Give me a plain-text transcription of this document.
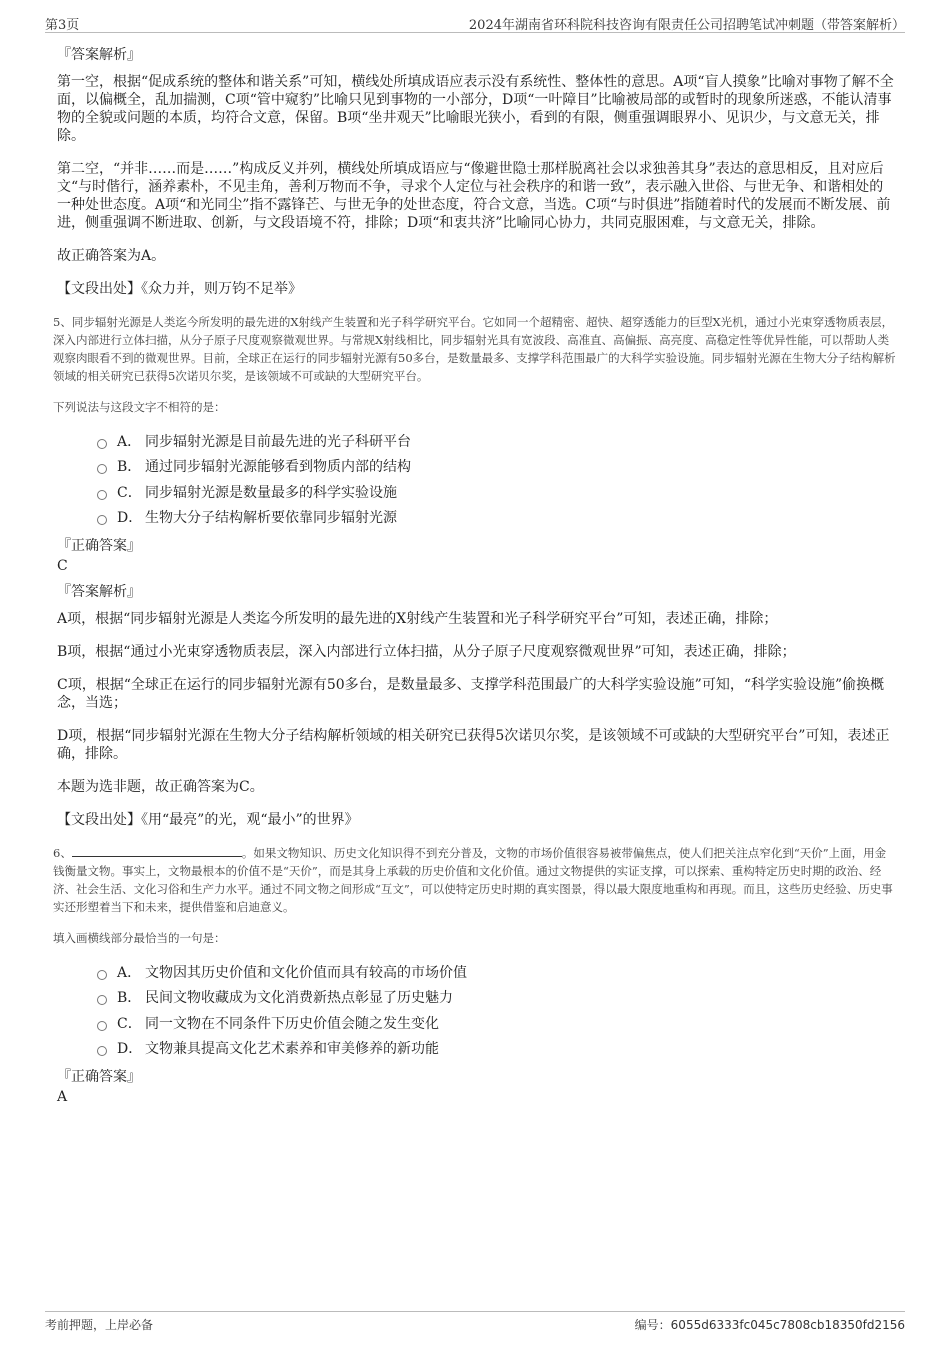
第3页	2024年湖南省环科院科技咨询有限责任公司招聘笔试冲刺题（带答案解析）
『答案解析』

第一空，根据“促成系统的整体和谐关系”可知，横线处所填成语应表示没有系统性、整体性的意思。A项“盲人摸象”比喻对事物了解不全面，以偏概全，乱加揣测，C项“管中窥豹”比喻只见到事物的一小部分，D项“一叶障目”比喻被局部的或暂时的现象所迷惑，不能认清事物的全貌或问题的本质，均符合文意，保留。B项“坐井观天”比喻眼光狭小，看到的有限，侧重强调眼界小、见识少，与文意无关，排除。

第二空，“并非……而是……”构成反义并列，横线处所填成语应与“像避世隐士那样脱离社会以求独善其身”表达的意思相反，且对应后文“与时偕行，涵养素朴，不见圭角，善利万物而不争，寻求个人定位与社会秩序的和谐一致”，表示融入世俗、与世无争、和谐相处的一种处世态度。A项“和光同尘”指不露锋芒、与世无争的处世态度，符合文意，当选。C项“与时俱进”指随着时代的发展而不断发展、前进，侧重强调不断进取、创新，与文段语境不符，排除；D项“和衷共济”比喻同心协力，共同克服困难，与文意无关，排除。

故正确答案为A。

【文段出处】《众力并，则万钧不足举》

5、同步辐射光源是人类迄今所发明的最先进的X射线产生装置和光子科学研究平台。它如同一个超精密、超快、超穿透能力的巨型X光机，通过小光束穿透物质表层，深入内部进行立体扫描，从分子原子尺度观察微观世界。与常规X射线相比，同步辐射光具有宽波段、高准直、高偏振、高亮度、高稳定性等优异性能，可以帮助人类观察肉眼看不到的微观世界。目前，全球正在运行的同步辐射光源有50多台，是数量最多、支撑学科范围最广的大科学实验设施。同步辐射光源在生物大分子结构解析领域的相关研究已获得5次诺贝尔奖，是该领域不可或缺的大型研究平台。

下列说法与这段文字不相符的是：

A． 同步辐射光源是目前最先进的光子科研平台
B． 通过同步辐射光源能够看到物质内部的结构
C． 同步辐射光源是数量最多的科学实验设施
D． 生物大分子结构解析要依靠同步辐射光源
『正确答案』
C
『答案解析』

A项，根据“同步辐射光源是人类迄今所发明的最先进的X射线产生装置和光子科学研究平台”可知，表述正确，排除；

B项，根据“通过小光束穿透物质表层，深入内部进行立体扫描，从分子原子尺度观察微观世界”可知，表述正确，排除；

C项，根据“全球正在运行的同步辐射光源有50多台，是数量最多、支撑学科范围最广的大科学实验设施”可知，“科学实验设施”偷换概念，当选；

D项，根据“同步辐射光源在生物大分子结构解析领域的相关研究已获得5次诺贝尔奖，是该领域不可或缺的大型研究平台”可知，表述正确，排除。

本题为选非题，故正确答案为C。

【文段出处】《用“最亮”的光，观“最小”的世界》

6、	。如果文物知识、历史文化知识得不到充分普及，文物的市场价值很容易被带偏焦点，使人们把关注点窄化到“天价”上面，用金钱衡量文物。事实上，文物最根本的价值不是“天价”，而是其身上承载的历史价值和文化价值。通过文物提供的实证支撑，可以探索、重构特定历史时期的政治、经济、社会生活、文化习俗和生产力水平。通过不同文物之间形成“互文”，可以使特定历史时期的真实图景，得以最大限度地重构和再现。而且，这些历史经验、历史事实还形塑着当下和未来，提供借鉴和启迪意义。

填入画横线部分最恰当的一句是：

A． 文物因其历史价值和文化价值而具有较高的市场价值
B． 民间文物收藏成为文化消费新热点彰显了历史魅力
C． 同一文物在不同条件下历史价值会随之发生变化
D． 文物兼具提高文化艺术素养和审美修养的新功能
『正确答案』
A
考前押题，上岸必备	编号：6055d6333fc045c7808cb18350fd2156
